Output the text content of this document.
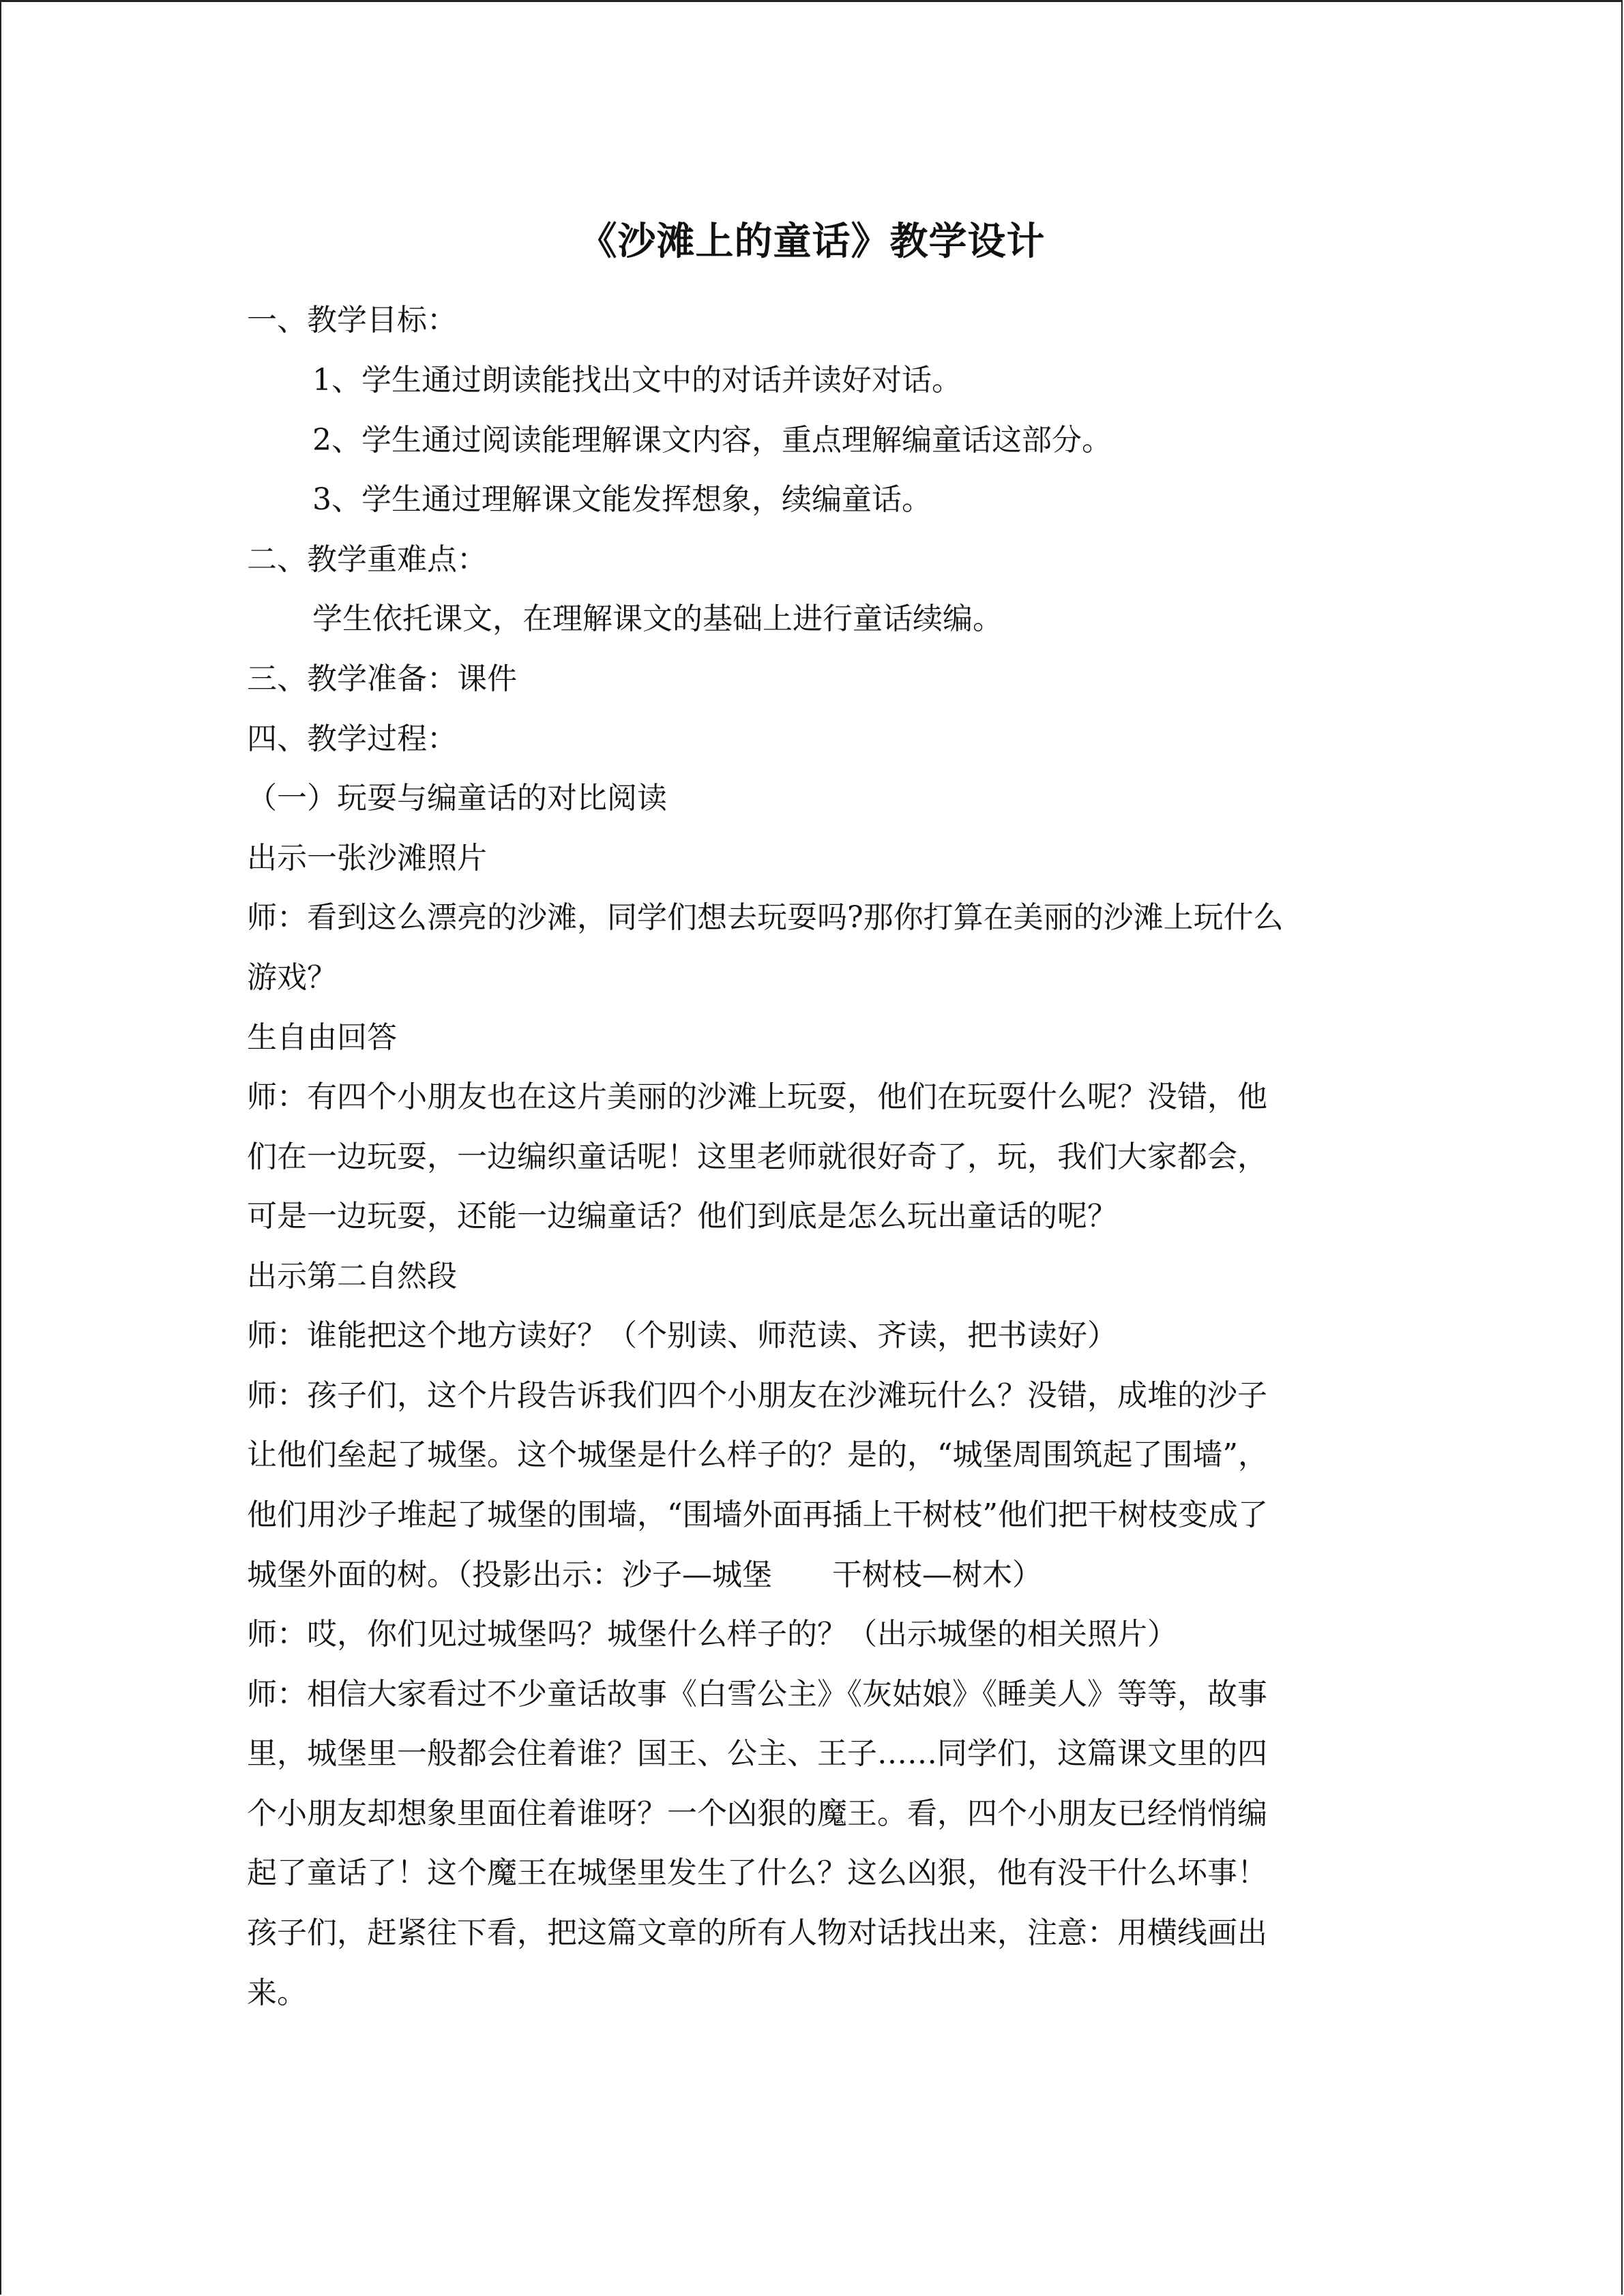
《沙滩上的童话》教学设计
一、教学目标：
1、学生通过朗读能找出文中的对话并读好对话。
2、学生通过阅读能理解课文内容，重点理解编童话这部分。
3、学生通过理解课文能发挥想象，续编童话。
二、教学重难点：
学生依托课文，在理解课文的基础上进行童话续编。
三、教学准备：课件
四、教学过程：
（一）玩耍与编童话的对比阅读
出示一张沙滩照片
师：看到这么漂亮的沙滩，同学们想去玩耍吗?那你打算在美丽的沙滩上玩什么
游戏？
生自由回答
师：有四个小朋友也在这片美丽的沙滩上玩耍，他们在玩耍什么呢？没错，他
们在一边玩耍，一边编织童话呢！这里老师就很好奇了，玩，我们大家都会，
可是一边玩耍，还能一边编童话？他们到底是怎么玩出童话的呢？
出示第二自然段
师：谁能把这个地方读好？（个别读、师范读、齐读，把书读好）
师：孩子们，这个片段告诉我们四个小朋友在沙滩玩什么？没错，成堆的沙子
让他们垒起了城堡。这个城堡是什么样子的？是的，“城堡周围筑起了围墙”，
他们用沙子堆起了城堡的围墙，“围墙外面再插上干树枝”他们把干树枝变成了
城堡外面的树。（投影出示：沙子—城堡　　干树枝—树木）
师：哎，你们见过城堡吗？城堡什么样子的？（出示城堡的相关照片）
师：相信大家看过不少童话故事《白雪公主》《灰姑娘》《睡美人》等等，故事
里，城堡里一般都会住着谁？国王、公主、王子……同学们，这篇课文里的四
个小朋友却想象里面住着谁呀？一个凶狠的魔王。看，四个小朋友已经悄悄编
起了童话了！这个魔王在城堡里发生了什么？这么凶狠，他有没干什么坏事！
孩子们，赶紧往下看，把这篇文章的所有人物对话找出来，注意：用横线画出
来。
